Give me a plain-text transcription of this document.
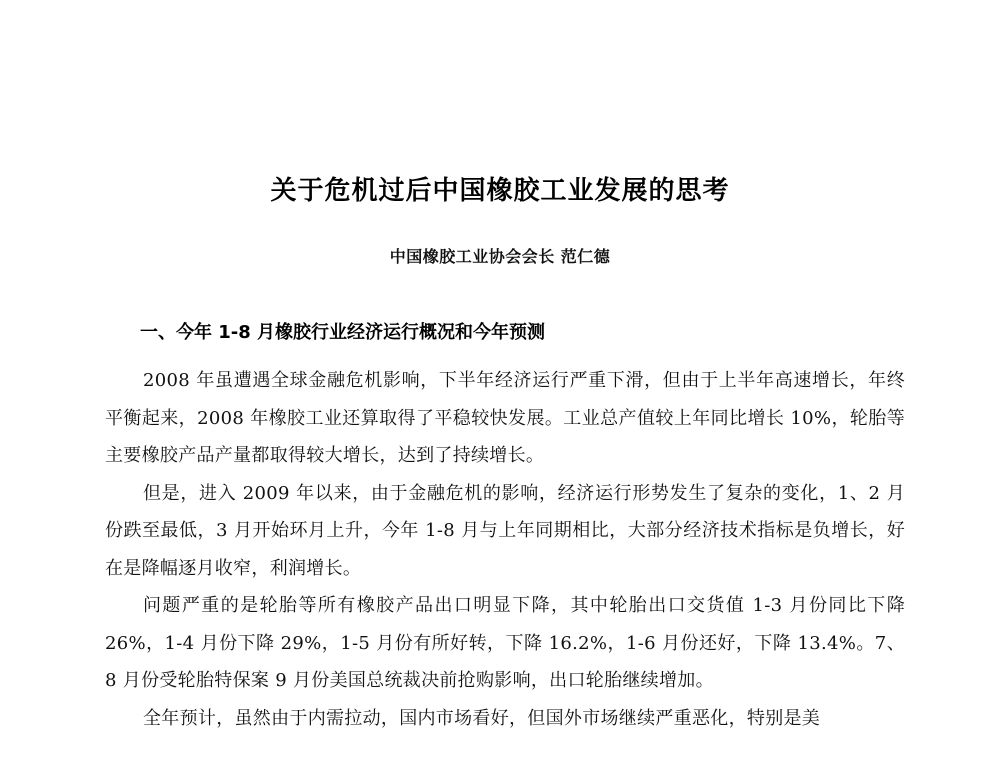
关于危机过后中国橡胶工业发展的思考
中国橡胶工业协会会长 范仁德
一、今年 1-8 月橡胶行业经济运行概况和今年预测

2008 年虽遭遇全球金融危机影响，下半年经济运行严重下滑，但由于上半年高速增长，年终平衡起来，2008 年橡胶工业还算取得了平稳较快发展。工业总产值较上年同比增长 10%，轮胎等主要橡胶产品产量都取得较大增长，达到了持续增长。

但是，进入 2009 年以来，由于金融危机的影响，经济运行形势发生了复杂的变化，1、2 月份跌至最低，3 月开始环月上升，今年 1-8 月与上年同期相比，大部分经济技术指标是负增长，好在是降幅逐月收窄，利润增长。

问题严重的是轮胎等所有橡胶产品出口明显下降，其中轮胎出口交货值 1-3 月份同比下降 26%，1-4 月份下降 29%，1-5 月份有所好转，下降 16.2%，1-6 月份还好，下降 13.4%。7、8 月份受轮胎特保案 9 月份美国总统裁决前抢购影响，出口轮胎继续增加。

全年预计，虽然由于内需拉动，国内市场看好，但国外市场继续严重恶化，特别是美
